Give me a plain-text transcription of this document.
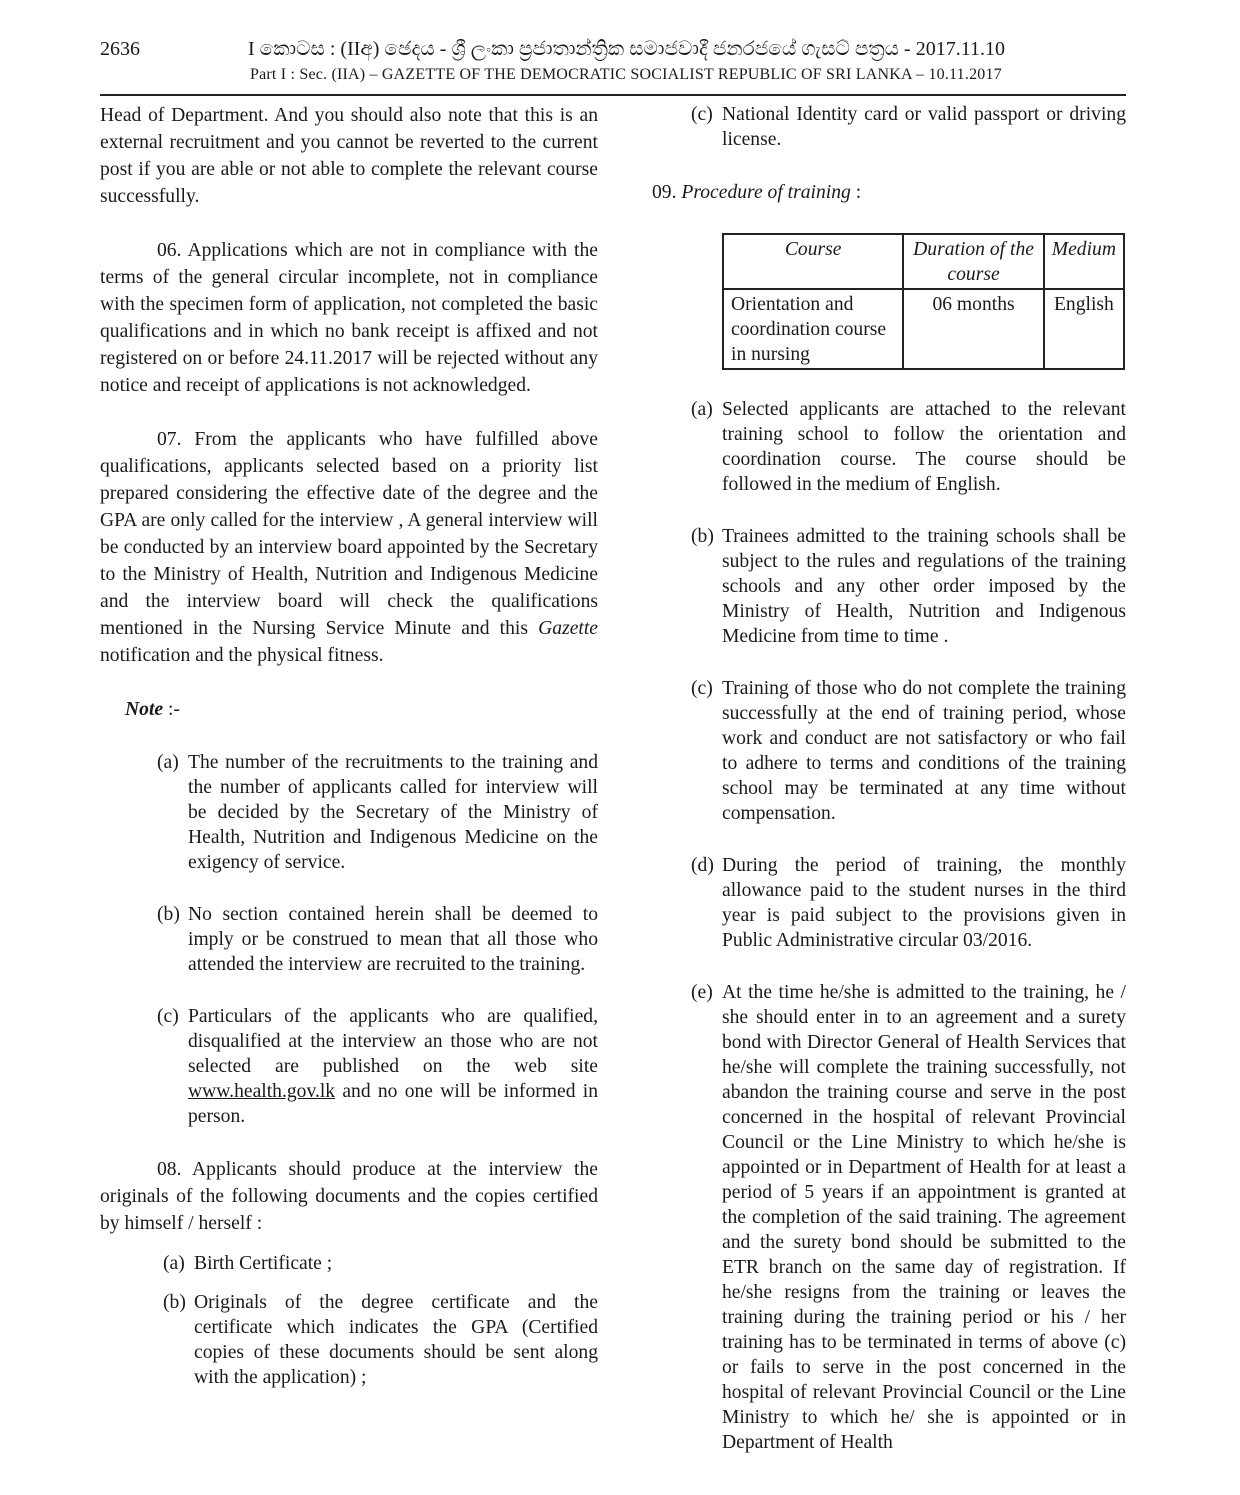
2636	I කොටස : (IIඅ) ඡෙදය - ශ්‍රී ලංකා ප්‍රජාතාන්ත්‍රික සමාජවාදී ජනරජයේ ගැසට් පත්‍රය - 2017.11.10
Part I : Sec. (IIA) – GAZETTE OF THE DEMOCRATIC SOCIALIST REPUBLIC OF SRI LANKA – 10.11.2017

Head of Department. And you should also note that this is an external recruitment and you cannot be reverted to the current post if you are able or not able to complete the relevant course successfully.

06. Applications which are not in compliance with the terms of the general circular incomplete, not in compliance with the specimen form of application, not completed the basic qualifications and in which no bank receipt is affixed and not registered on or before 24.11.2017 will be rejected without any notice and receipt of applications is not acknowledged.

07. From the applicants who have fulfilled above qualifications, applicants selected based on a priority list prepared considering the effective date of the degree and the GPA are only called for the interview , A general interview will be conducted by an interview board appointed by the Secretary to the Ministry of Health, Nutrition and Indigenous Medicine and the interview board will check the qualifications mentioned in the Nursing Service Minute and this Gazette notification and the physical fitness.

Note :-

(a) The number of the recruitments to the training and the number of applicants called for interview will be decided by the Secretary of the Ministry of Health, Nutrition and Indigenous Medicine on the exigency of service.
(b) No section contained herein shall be deemed to imply or be construed to mean that all those who attended the interview are recruited to the training.
(c) Particulars of the applicants who are qualified, disqualified at the interview an those who are not selected are published on the web site www.health.gov.lk and no one will be informed in person.

08. Applicants should produce at the interview the originals of the following documents and the copies certified by himself / herself :

(a) Birth Certificate ;
(b) Originals of the degree certificate and the certificate which indicates the GPA (Certified copies of these documents should be sent along with the application) ;
(c) National Identity card or valid passport or driving license.

09. Procedure of training :

Course	Duration of the course	Medium
Orientation and coordination course in nursing	06 months	English
(a) Selected applicants are attached to the relevant training school to follow the orientation and coordination course. The course should be followed in the medium of English.
(b) Trainees admitted to the training schools shall be subject to the rules and regulations of the training schools and any other order imposed by the Ministry of Health, Nutrition and Indigenous Medicine from time to time .
(c) Training of those who do not complete the training successfully at the end of training period, whose work and conduct are not satisfactory or who fail to adhere to terms and conditions of the training school may be terminated at any time without compensation.
(d) During the period of training, the monthly allowance paid to the student nurses in the third year is paid subject to the provisions given in Public Administrative circular 03/2016.
(e) At the time he/she is admitted to the training, he / she should enter in to an agreement and a surety bond with Director General of Health Services that he/she will complete the training successfully, not abandon the training course and serve in the post concerned in the hospital of relevant Provincial Council or the Line Ministry to which he/she is appointed or in Department of Health for at least a period of 5 years if an appointment is granted at the completion of the said training. The agreement and the surety bond should be submitted to the ETR branch on the same day of registration. If he/she resigns from the training or leaves the training during the training period or his / her training has to be terminated in terms of above (c) or fails to serve in the post concerned in the hospital of relevant Provincial Council or the Line Ministry to which he/ she is appointed or in Department of Health
